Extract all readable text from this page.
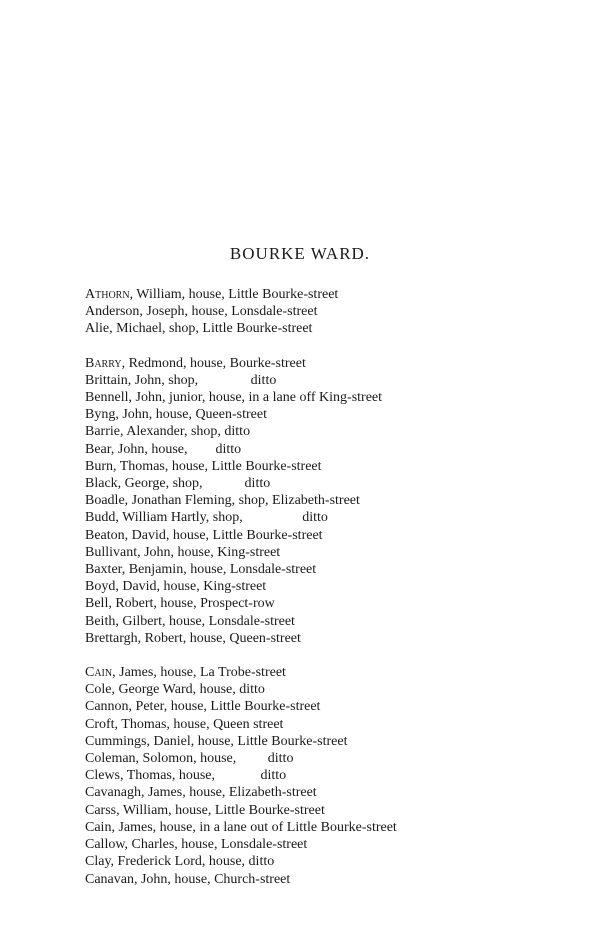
BOURKE WARD.
Athorn, William, house, Little Bourke-street
Anderson, Joseph, house, Lonsdale-street
Alie, Michael, shop, Little Bourke-street
Barry, Redmond, house, Bourke-street
Brittain, John, shop,               ditto
Bennell, John, junior, house, in a lane off King-street
Byng, John, house, Queen-street
Barrie, Alexander, shop, ditto
Bear, John, house,        ditto
Burn, Thomas, house, Little Bourke-street
Black, George, shop,            ditto
Boadle, Jonathan Fleming, shop, Elizabeth-street
Budd, William Hartly, shop,                 ditto
Beaton, David, house, Little Bourke-street
Bullivant, John, house, King-street
Baxter, Benjamin, house, Lonsdale-street
Boyd, David, house, King-street
Bell, Robert, house, Prospect-row
Beith, Gilbert, house, Lonsdale-street
Brettargh, Robert, house, Queen-street
Cain, James, house, La Trobe-street
Cole, George Ward, house, ditto
Cannon, Peter, house, Little Bourke-street
Croft, Thomas, house, Queen street
Cummings, Daniel, house, Little Bourke-street
Coleman, Solomon, house,         ditto
Clews, Thomas, house,             ditto
Cavanagh, James, house, Elizabeth-street
Carss, William, house, Little Bourke-street
Cain, James, house, in a lane out of Little Bourke-street
Callow, Charles, house, Lonsdale-street
Clay, Frederick Lord, house, ditto
Canavan, John, house, Church-street
